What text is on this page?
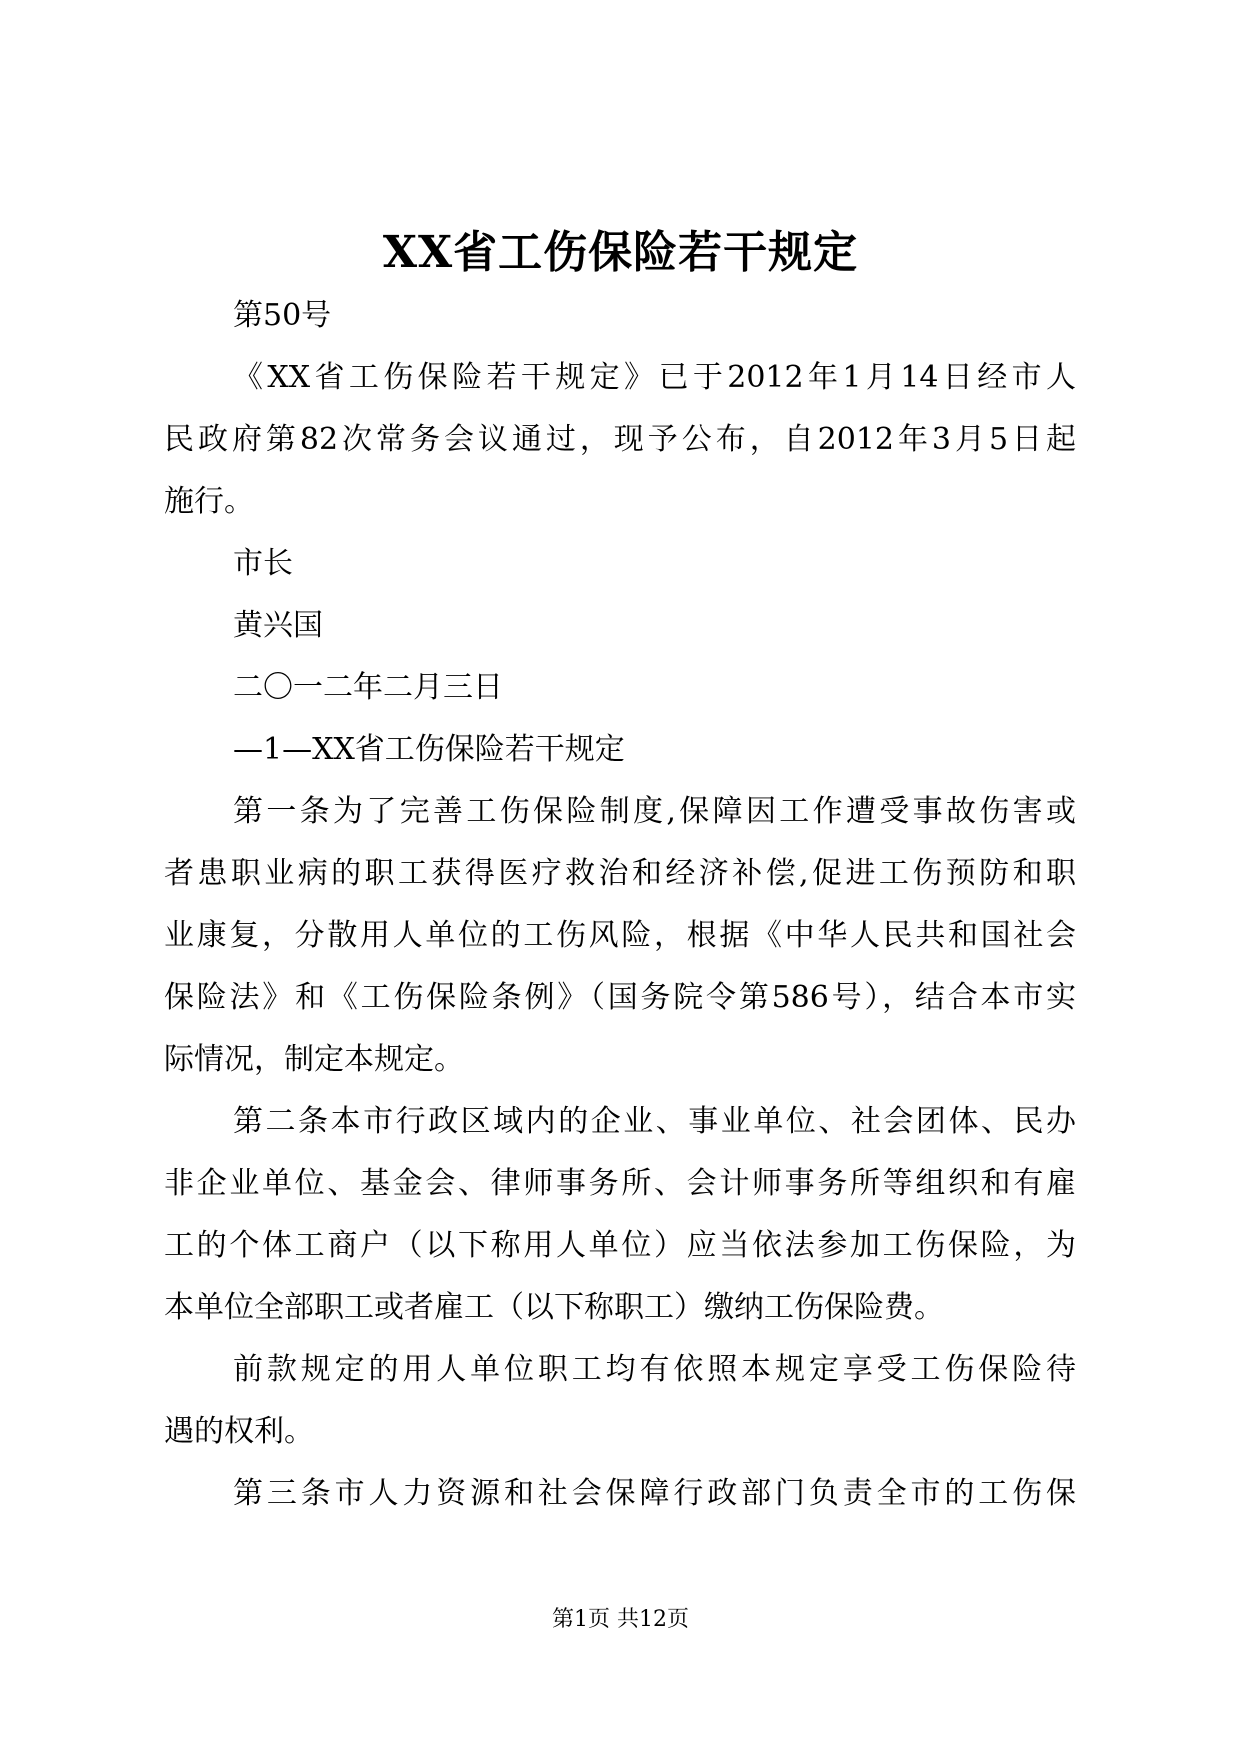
XX省工伤保险若干规定
第50号
《XX省工伤保险若干规定》已于2012年1月14日经市人
民政府第82次常务会议通过，现予公布，自2012年3月5日起
施行。
市长
黄兴国
二〇一二年二月三日
—1—XX省工伤保险若干规定
第一条为了完善工伤保险制度,保障因工作遭受事故伤害或
者患职业病的职工获得医疗救治和经济补偿,促进工伤预防和职
业康复，分散用人单位的工伤风险，根据《中华人民共和国社会
保险法》和《工伤保险条例》（国务院令第586号），结合本市实
际情况，制定本规定。
第二条本市行政区域内的企业、事业单位、社会团体、民办
非企业单位、基金会、律师事务所、会计师事务所等组织和有雇
工的个体工商户（以下称用人单位）应当依法参加工伤保险，为
本单位全部职工或者雇工（以下称职工）缴纳工伤保险费。
前款规定的用人单位职工均有依照本规定享受工伤保险待
遇的权利。
第三条市人力资源和社会保障行政部门负责全市的工伤保
第1页 共12页
